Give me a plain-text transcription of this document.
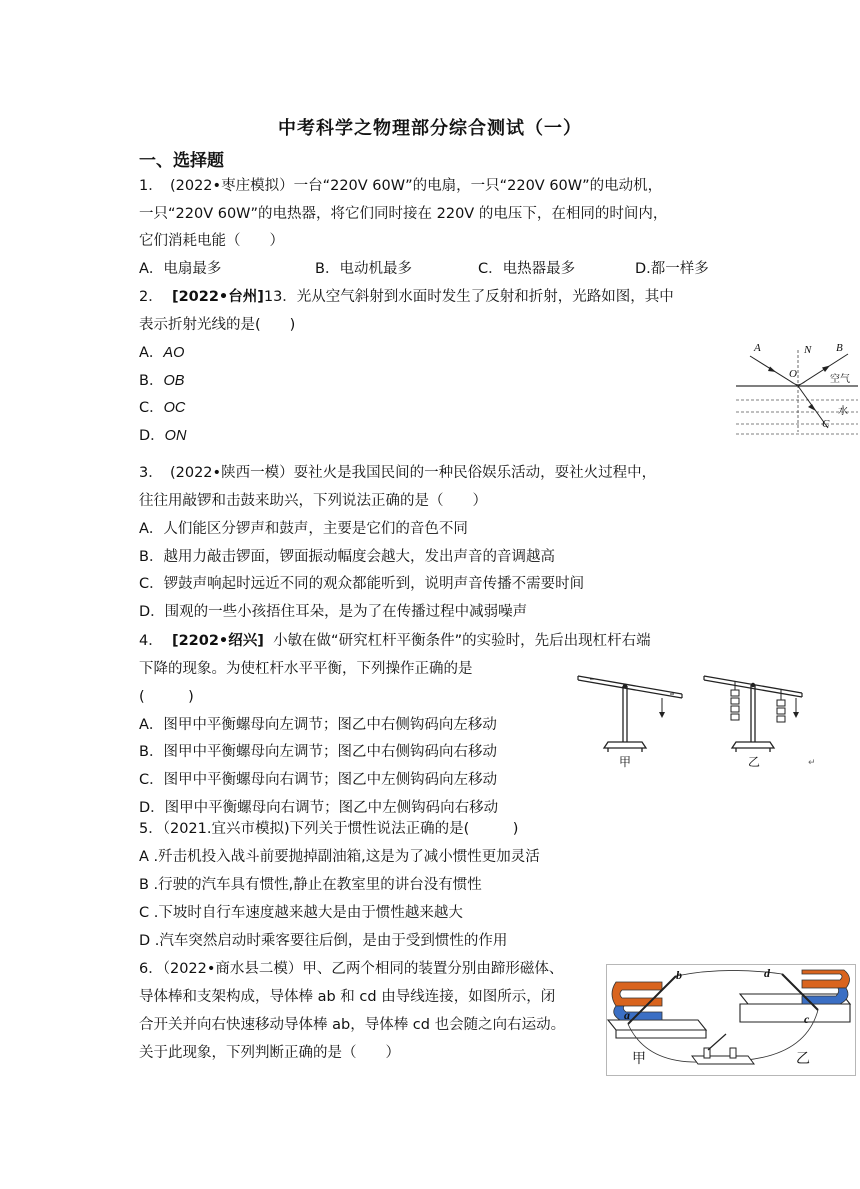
中考科学之物理部分综合测试（一）
一、选择题
1．　(2022•枣庄模拟）一台“220V 60W”的电扇，一只“220V 60W”的电动机，
一只“220V 60W”的电热器，将它们同时接在 220V 的电压下，在相同的时间内，
它们消耗电能（　　）
A．电扇最多	B．电动机最多	C．电热器最多	D.都一样多
2． [2022•台州]13．光从空气斜射到水面时发生了反射和折射，光路如图，其中
表示折射光线的是(　　)
A．AO
B．OB
C．OC
D．ON
A	N B
O	空气
水
C
3．　(2022•陕西一模）耍社火是我国民间的一种民俗娱乐活动，耍社火过程中，
往往用敲锣和击鼓来助兴，下列说法正确的是（　　）
A．人们能区分锣声和鼓声，主要是它们的音色不同
B．越用力敲击锣面，锣面振动幅度会越大，发出声音的音调越高
C．锣鼓声响起时远近不同的观众都能听到，说明声音传播不需要时间
D．围观的一些小孩捂住耳朵，是为了在传播过程中减弱噪声
4． [2202•绍兴] 小敏在做“研究杠杆平衡条件”的实验时，先后出现杠杆右端
下降的现象。为使杠杆水平平衡，下列操作正确的是
(　　　)
A．图甲中平衡螺母向左调节；图乙中右侧钩码向左移动
B．图甲中平衡螺母向左调节；图乙中右侧钩码向右移动
C．图甲中平衡螺母向右调节；图乙中左侧钩码向左移动
D．图甲中平衡螺母向右调节；图乙中左侧钩码向右移动
甲	乙	↵
5．（2021.宜兴市模拟)下列关于惯性说法正确的是(　　　)
A .歼击机投入战斗前要抛掉副油箱,这是为了减小惯性更加灵活
B .行驶的汽车具有惯性,静止在教室里的讲台没有惯性
C .下坡时自行车速度越来越大是由于惯性越来越大
D .汽车突然启动时乘客要往后倒，是由于受到惯性的作用
6．（2022•商水县二模）甲、乙两个相同的装置分别由蹄形磁体、
导体棒和支架构成，导体棒 ab 和 cd 由导线连接，如图所示，闭
合开关并向右快速移动导体棒 ab，导体棒 cd 也会随之向右运动。
关于此现象，下列判断正确的是（　　）
b
a
d
c
甲	乙
